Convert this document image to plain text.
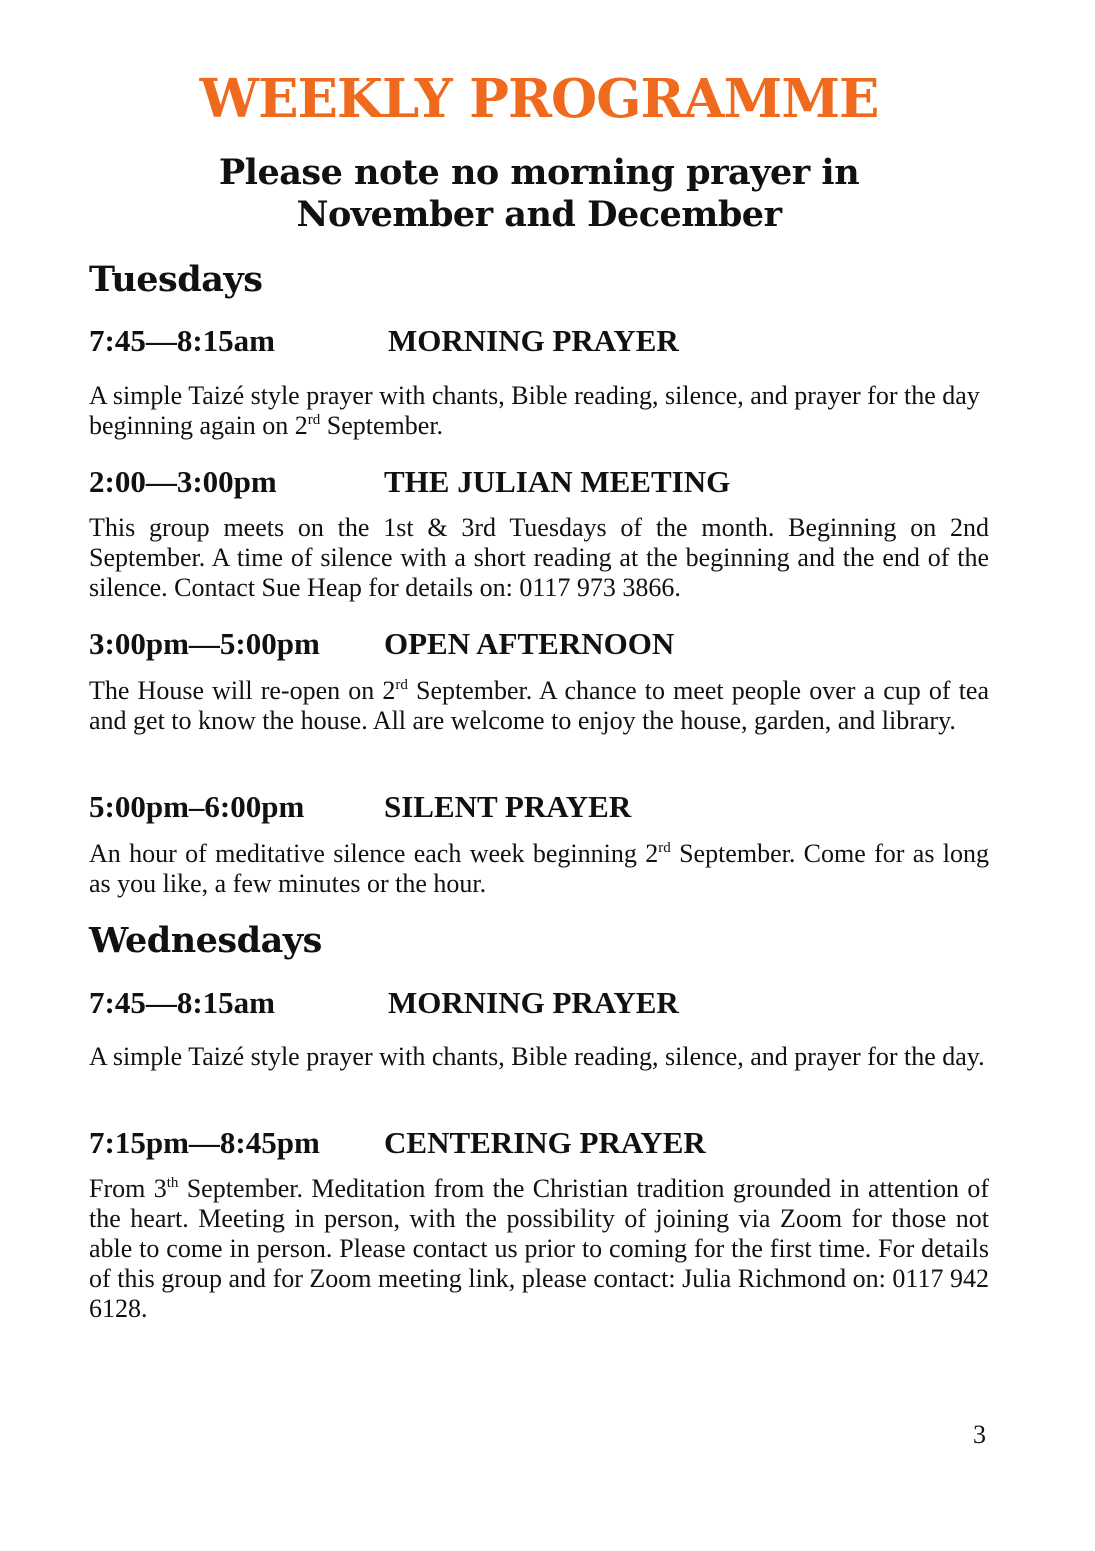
WEEKLY PROGRAMME
Please note no morning prayer in
November and December
Tuesdays
7:45—8:15am	MORNING PRAYER

A simple Taizé style prayer with chants, Bible reading, silence, and prayer for the day beginning again on 2rd September.

2:00—3:00pm	THE JULIAN MEETING

This group meets on the 1st & 3rd Tuesdays of the month. Beginning on 2nd September. A time of silence with a short reading at the beginning and the end of the silence. Contact Sue Heap for details on: 0117 973 3866.

3:00pm—5:00pm OPEN AFTERNOON

The House will re-open on 2rd September. A chance to meet people over a cup of tea and get to know the house. All are welcome to enjoy the house, garden, and library.

5:00pm–6:00pm	SILENT PRAYER

An hour of meditative silence each week beginning 2rd September. Come for as long as you like, a few minutes or the hour.

Wednesdays
7:45—8:15am	MORNING PRAYER

A simple Taizé style prayer with chants, Bible reading, silence, and prayer for the day.

7:15pm—8:45pm CENTERING PRAYER

From 3th September. Meditation from the Christian tradition grounded in attention of the heart. Meeting in person, with the possibility of joining via Zoom for those not able to come in person. Please contact us prior to coming for the first time. For details of this group and for Zoom meeting link, please contact: Julia Richmond on: 0117 942 6128.

3
